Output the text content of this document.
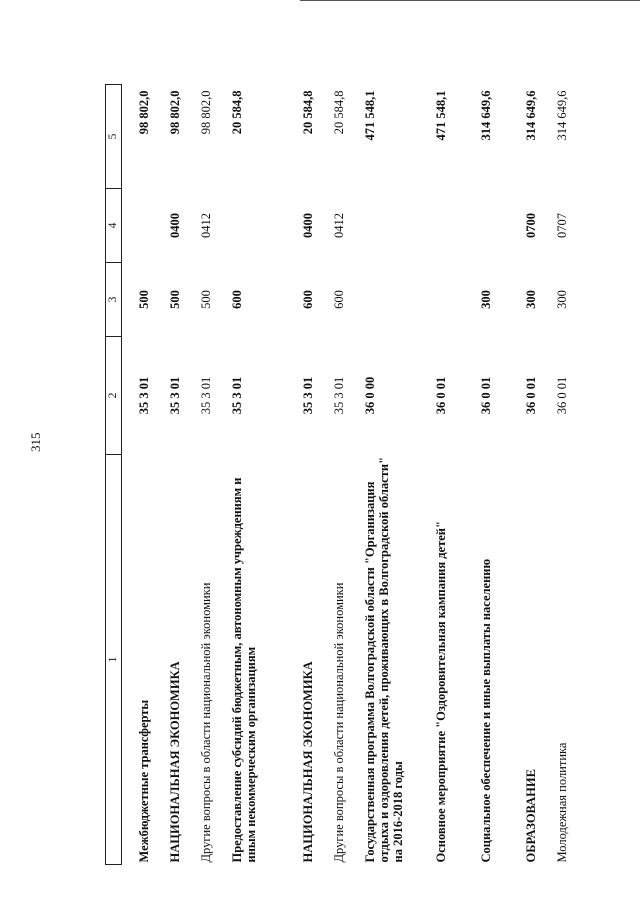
315
1	2	3	4	5

Межбюджетные трансферты	35 3 01	500		98 802,0
НАЦИОНАЛЬНАЯ ЭКОНОМИКА	35 3 01	500	0400	98 802,0
Другие вопросы в области национальной экономики	35 3 01	500	0412	98 802,0
Предоставление субсидий бюджетным, автономным учреждениям и иным некоммерческим организациям	35 3 01	600		20 584,8
НАЦИОНАЛЬНАЯ ЭКОНОМИКА	35 3 01	600	0400	20 584,8
Другие вопросы в области национальной экономики	35 3 01	600	0412	20 584,8
Государственная программа Волгоградской области "Организация отдыха и оздоровления детей, проживающих в Волгоградской области" на 2016-2018 годы	36 0 00			471 548,1
Основное мероприятие "Оздоровительная кампания детей"	36 0 01			471 548,1
Социальное обеспечение и иные выплаты населению	36 0 01	300		314 649,6
ОБРАЗОВАНИЕ	36 0 01	300	0700	314 649,6
Молодежная политика	36 0 01	300	0707	314 649,6
